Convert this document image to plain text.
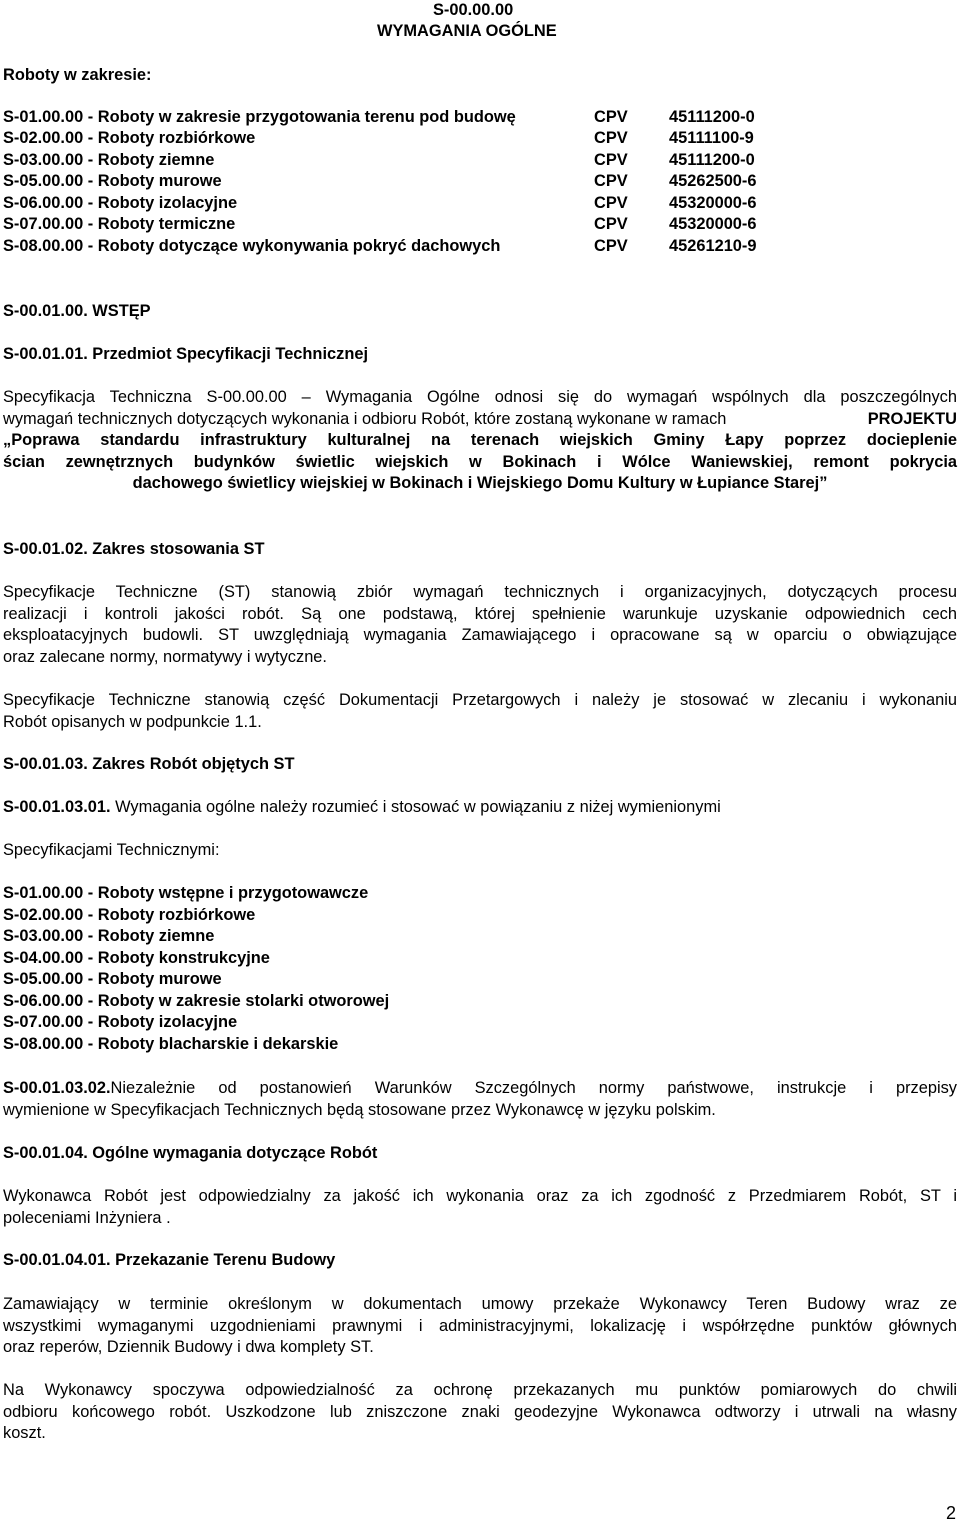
S-00.00.00
WYMAGANIA OGÓLNE
Roboty w zakresie:
S-01.00.00 - Roboty w zakresie przygotowania terenu pod budowę	CPV	45111200-0
S-02.00.00 - Roboty rozbiórkowe	CPV	45111100-9
S-03.00.00 - Roboty ziemne	CPV	45111200-0
S-05.00.00 - Roboty murowe	CPV	45262500-6
S-06.00.00 - Roboty izolacyjne	CPV	45320000-6
S-07.00.00 - Roboty termiczne	CPV	45320000-6
S-08.00.00 - Roboty dotyczące wykonywania pokryć dachowych	CPV	45261210-9
S-00.01.00. WSTĘP
S-00.01.01. Przedmiot Specyfikacji Technicznej
Specyfikacja Techniczna S-00.00.00 – Wymagania Ogólne odnosi się do wymagań wspólnych dla poszczególnych
wymagań technicznych dotyczących wykonania i odbioru Robót, które zostaną wykonane w ramach	PROJEKTU
„Poprawa standardu infrastruktury kulturalnej na terenach wiejskich Gminy Łapy poprzez docieplenie
ścian zewnętrznych budynków świetlic wiejskich w Bokinach i Wólce Waniewskiej, remont pokrycia
dachowego świetlicy wiejskiej w Bokinach i Wiejskiego Domu Kultury w Łupiance Starej”
S-00.01.02. Zakres stosowania ST
Specyfikacje Techniczne (ST) stanowią zbiór wymagań technicznych i organizacyjnych, dotyczących procesu
realizacji i kontroli jakości robót. Są one podstawą, której spełnienie warunkuje uzyskanie odpowiednich cech
eksploatacyjnych budowli. ST uwzględniają wymagania Zamawiającego i opracowane są w oparciu o obwiązujące
oraz zalecane normy, normatywy i wytyczne.
Specyfikacje Techniczne stanowią część Dokumentacji Przetargowych i należy je stosować w zlecaniu i wykonaniu
Robót opisanych w podpunkcie 1.1.
S-00.01.03. Zakres Robót objętych ST
S-00.01.03.01. Wymagania ogólne należy rozumieć i stosować w powiązaniu z niżej wymienionymi
Specyfikacjami Technicznymi:
S-01.00.00 - Roboty wstępne i przygotowawcze
S-02.00.00 - Roboty rozbiórkowe
S-03.00.00 - Roboty ziemne
S-04.00.00 - Roboty konstrukcyjne
S-05.00.00 - Roboty murowe
S-06.00.00 - Roboty w zakresie stolarki otworowej
S-07.00.00 - Roboty izolacyjne
S-08.00.00 - Roboty blacharskie i dekarskie
S-00.01.03.02. Niezależnie od postanowień Warunków Szczególnych normy państwowe, instrukcje i przepisy
wymienione w Specyfikacjach Technicznych będą stosowane przez Wykonawcę w języku polskim.
S-00.01.04. Ogólne wymagania dotyczące Robót
Wykonawca Robót jest odpowiedzialny za jakość ich wykonania oraz za ich zgodność z Przedmiarem Robót, ST i
poleceniami Inżyniera .
S-00.01.04.01. Przekazanie Terenu Budowy
Zamawiający w terminie określonym w dokumentach umowy przekaże Wykonawcy Teren Budowy wraz ze
wszystkimi wymaganymi uzgodnieniami prawnymi i administracyjnymi, lokalizację i współrzędne punktów głównych
oraz reperów, Dziennik Budowy i dwa komplety ST.
Na Wykonawcy spoczywa odpowiedzialność za ochronę przekazanych mu punktów pomiarowych do chwili
odbioru końcowego robót. Uszkodzone lub zniszczone znaki geodezyjne Wykonawca odtworzy i utrwali na własny
koszt.
2
